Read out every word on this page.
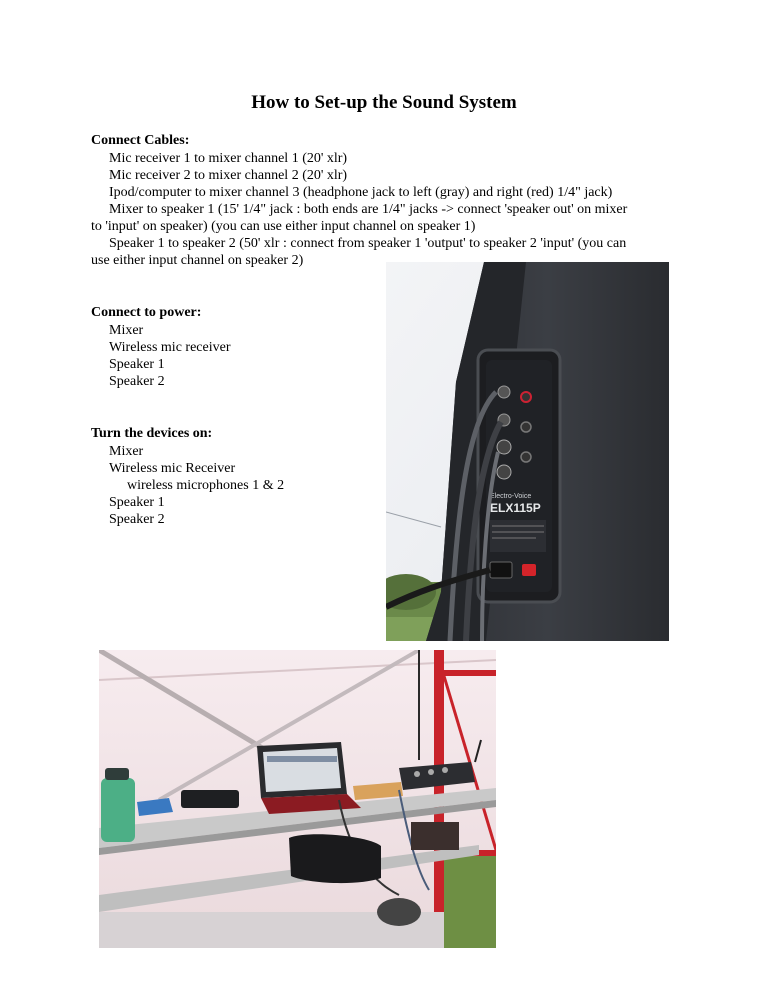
How to Set-up the Sound System
Connect Cables:
Mic receiver 1 to mixer channel 1 (20' xlr)
Mic receiver 2 to mixer channel 2 (20' xlr)
Ipod/computer to mixer channel 3 (headphone jack to left (gray) and right (red) 1/4" jack)
Mixer to speaker 1 (15' 1/4" jack : both ends are 1/4" jacks -> connect 'speaker out' on mixer
to 'input' on speaker) (you can use either input channel on speaker 1)
Speaker 1 to speaker 2 (50' xlr : connect from speaker 1 'output' to speaker 2 'input' (you can
use either input channel on speaker 2)
Connect to power:
Mixer
Wireless mic receiver
Speaker 1
Speaker 2
Turn the devices on:
Mixer
Wireless mic Receiver
wireless microphones 1 & 2
Speaker 1
Speaker 2
Electro-Voice
ELX115P
